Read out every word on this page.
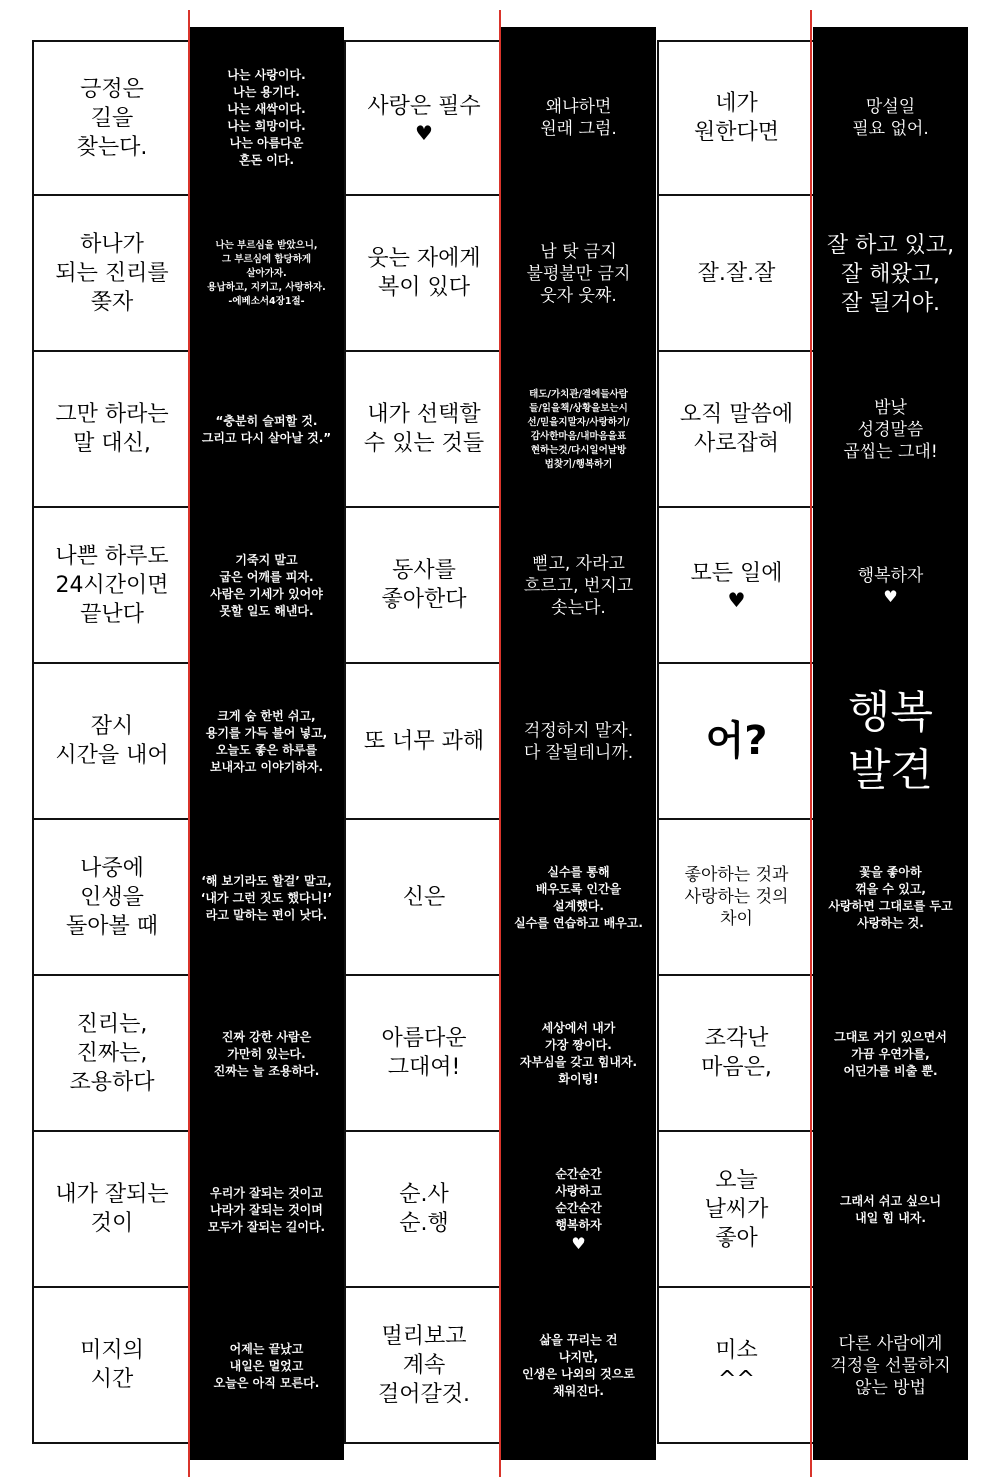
긍정은
길을
찾는다.
하나가
되는 진리를
쫒자
그만 하라는
말 대신,
나쁜 하루도
24시간이면
끝난다
잠시
시간을 내어
나중에
인생을
돌아볼 때
진리는,
진짜는,
조용하다
내가 잘되는
것이
미지의
시간
나는 사랑이다.
나는 용기다.
나는 새싹이다.
나는 희망이다.
나는 아름다운
혼돈 이다.
나는 부르심을 받았으니,
그 부르심에 합당하게
살아가자.
용납하고, 지키고, 사랑하자.
-에베소서4장1절-
“충분히 슬퍼할 것.
그리고 다시 살아날 것.”
기죽지 말고
굽은 어깨를 피자.
사람은 기세가 있어야
못할 일도 해낸다.
크게 숨 한번 쉬고,
용기를 가득 불어 넣고,
오늘도 좋은 하루를
보내자고 이야기하자.
‘해 보기라도 할걸’ 말고,
‘내가 그런 짓도 했다니!’
라고 말하는 편이 낫다.
진짜 강한 사람은
가만히 있는다.
진짜는 늘 조용하다.
우리가 잘되는 것이고
나라가 잘되는 것이며
모두가 잘되는 길이다.
어제는 끝났고
내일은 멀었고
오늘은 아직 모른다.
사랑은 필수
♥
웃는 자에게
복이 있다
내가 선택할
수 있는 것들
동사를
좋아한다
또 너무 과해
신은
아름다운
그대여!
순.사
순.행
멀리보고
계속
걸어갈것.
왜냐하면
원래 그럼.
남 탓 금지
불평불만 금지
웃자 웃쨔.
태도/가치관/결에들사람
들/읽을책/상황을보는시
선/믿을지말자/사랑하기/
감사한마음/내마음을표
현하는것/다시일어날방
법찾기/행복하기
뻗고, 자라고
흐르고, 번지고
솟는다.
걱정하지 말자.
다 잘될테니까.
실수를 통해
배우도록 인간을
설계했다.
실수를 연습하고 배우고.
세상에서 내가
가장 짱이다.
자부심을 갖고 힘내자.
화이팅!
순간순간
사랑하고
순간순간
행복하자
♥
삶을 꾸리는 건
나지만,
인생은 나외의 것으로
채워진다.
네가
원한다면
잘.잘.잘
오직 말씀에
사로잡혀
모든 일에
♥
어?
좋아하는 것과
사랑하는 것의
차이
조각난
마음은,
오늘
날씨가
좋아
미소
^^
망설일
필요 없어.
잘 하고 있고,
잘 해왔고,
잘 될거야.
밤낮
성경말씀
곱씹는 그대!
행복하자
♥
행복
발견
꽃을 좋아하
꺾을 수 있고,
사랑하면 그대로를 두고
사랑하는 것.
그대로 거기 있으면서
가끔 우연가를,
어딘가를 비출 뿐.
그래서 쉬고 싶으니
내일 힘 내자.
다른 사람에게
걱정을 선물하지
않는 방법
